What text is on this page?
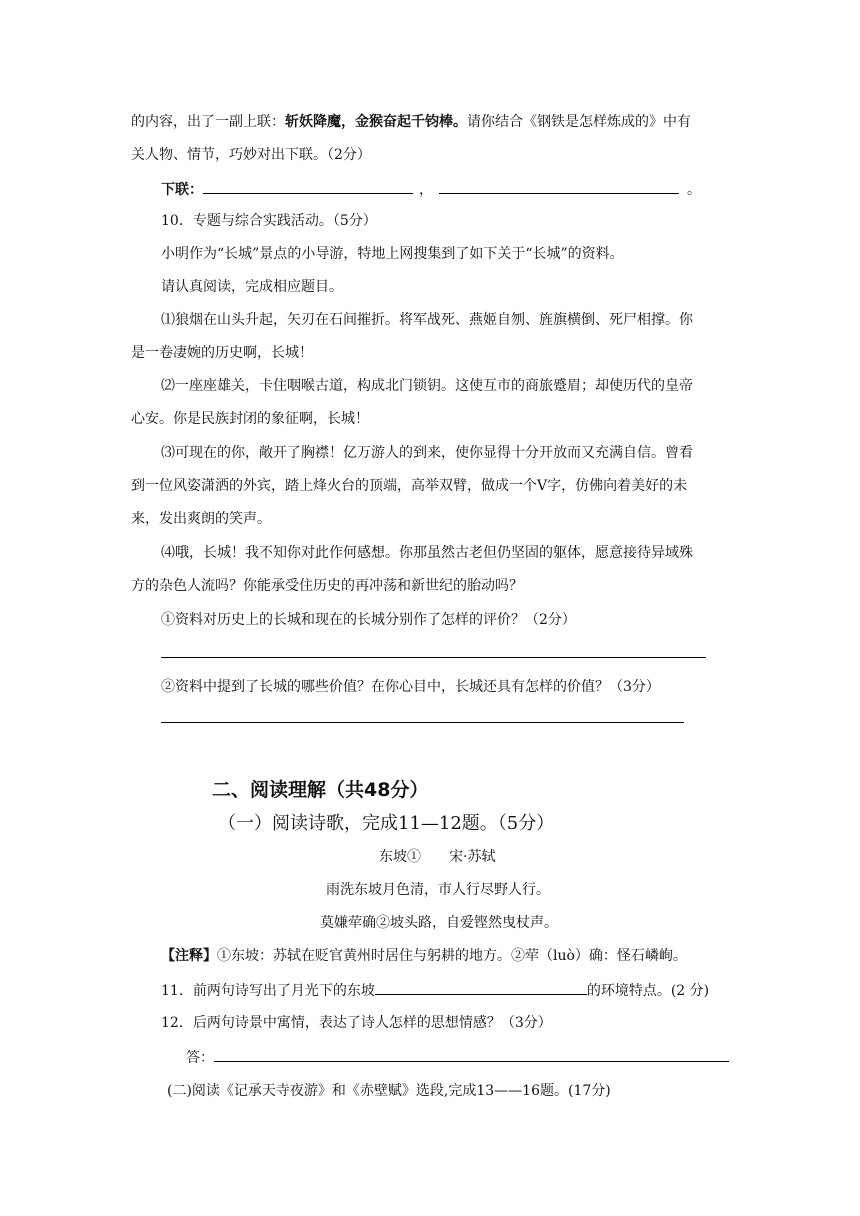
的内容，出了一副上联：斩妖降魔，金猴奋起千钧棒。请你结合《钢铁是怎样炼成的》中有
关人物、情节，巧妙对出下联。（2分）
下联：	，	。
10．专题与综合实践活动。（5分）
小明作为“长城”景点的小导游，特地上网搜集到了如下关于“长城”的资料。
请认真阅读，完成相应题目。
⑴狼烟在山头升起，矢刃在石间摧折。将军战死、燕姬自刎、旌旗横倒、死尸相撑。你
是一卷凄婉的历史啊，长城！
⑵一座座雄关，卡住咽喉古道，构成北门锁钥。这使互市的商旅蹙眉；却使历代的皇帝
心安。你是民族封闭的象征啊，长城！
⑶可现在的你，敞开了胸襟！亿万游人的到来，使你显得十分开放而又充满自信。曾看
到一位风姿潇洒的外宾，踏上烽火台的顶端，高举双臂，做成一个V字，仿佛向着美好的未
来，发出爽朗的笑声。
⑷哦，长城！我不知你对此作何感想。你那虽然古老但仍坚固的躯体，愿意接待异域殊
方的杂色人流吗？你能承受住历史的再冲荡和新世纪的胎动吗？
①资料对历史上的长城和现在的长城分别作了怎样的评价？（2分）
②资料中提到了长城的哪些价值？在你心目中，长城还具有怎样的价值？（3分）
二、阅读理解（共48分）
（一）阅读诗歌，完成11—12题。（5分）
东坡① 宋·苏轼
雨洗东坡月色清，市人行尽野人行。
莫嫌荦确②坡头路，自爱铿然曳杖声。
【注释】①东坡：苏轼在贬官黄州时居住与躬耕的地方。②荦（luò）确：怪石嶙峋。
11．前两句诗写出了月光下的东坡	的环境特点。(2 分)
12．后两句诗景中寓情，表达了诗人怎样的思想情感？（3分）
答：
(二)阅读《记承天寺夜游》和《赤壁赋》选段,完成13——16题。(17分)
